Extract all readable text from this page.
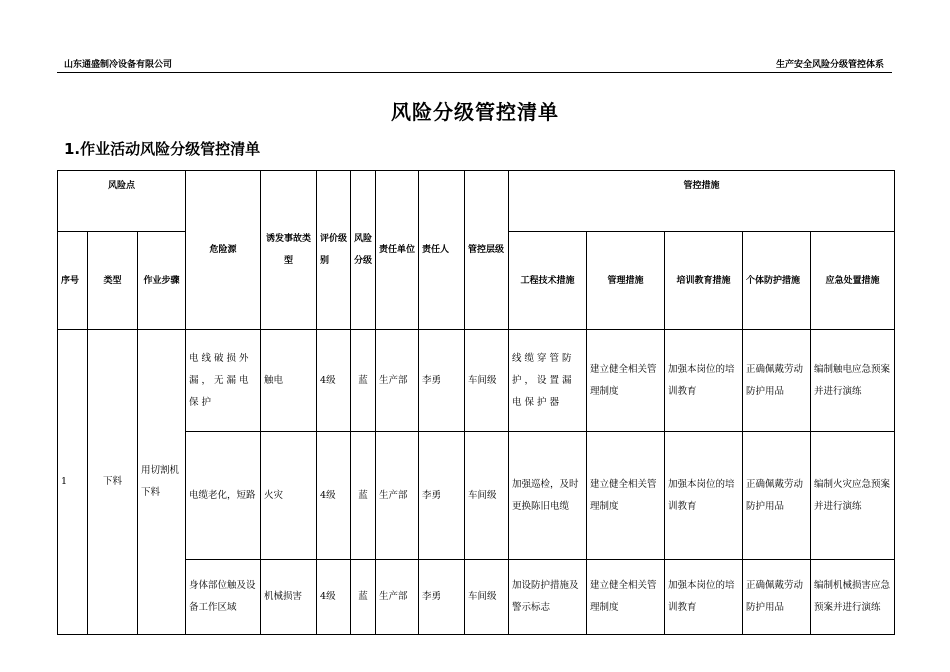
山东通盛制冷设备有限公司	生产安全风险分级管控体系
风险分级管控清单
1.作业活动风险分级管控清单
风险点			危险源	诱发事故类型	评价级别	风险分级	责任单位	责任人	管控层级	管控措施				
序号	类型	作业步骤								工程技术措施	管理措施	培训教育措施	个体防护措施	应急处置措施
1	下料	用切割机下料	电线破损外漏，无漏电保护	触电	4级	蓝	生产部	李勇	车间级	线缆穿管防护，设置漏电保护器	建立健全相关管理制度	加强本岗位的培训教育	正确佩戴劳动防护用品	编制触电应急预案并进行演练
			电缆老化，短路	火灾	4级	蓝	生产部	李勇	车间级	加强巡检，及时更换陈旧电缆	建立健全相关管理制度	加强本岗位的培训教育	正确佩戴劳动防护用品	编制火灾应急预案并进行演练
			身体部位触及设备工作区域	机械损害	4级	蓝	生产部	李勇	车间级	加设防护措施及警示标志	建立健全相关管理制度	加强本岗位的培训教育	正确佩戴劳动防护用品	编制机械损害应急预案并进行演练
